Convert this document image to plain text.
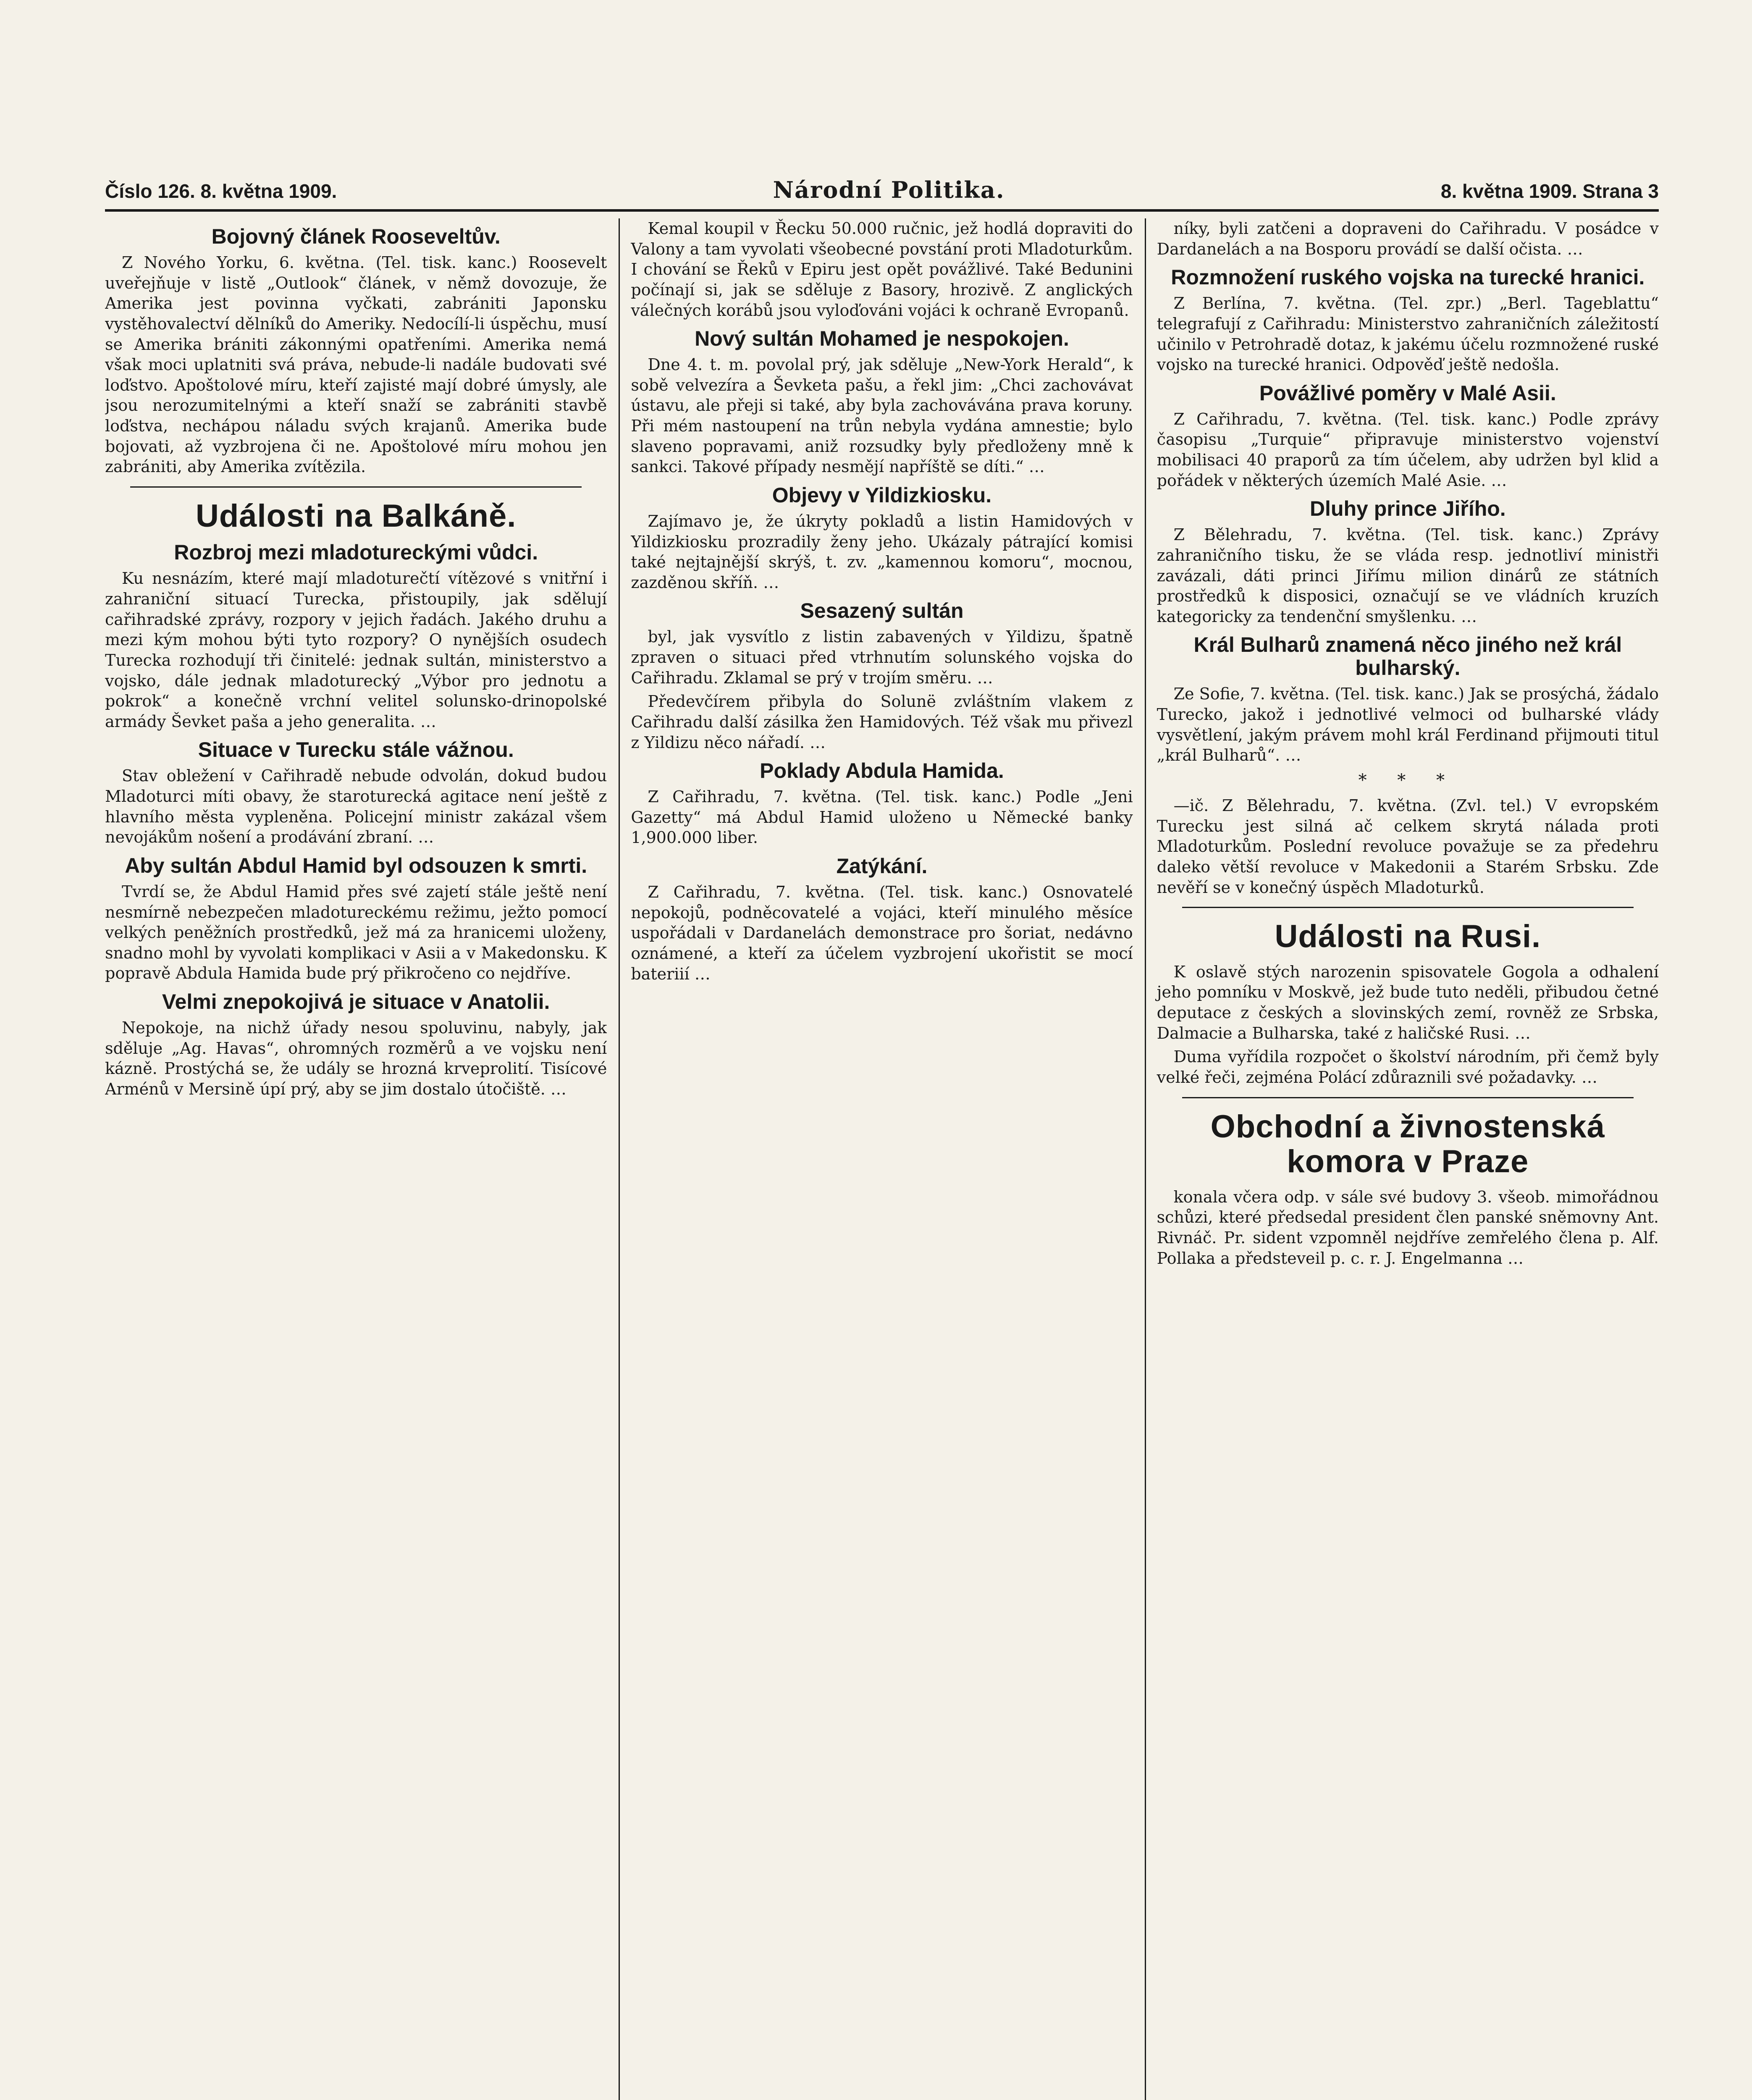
Číslo 126. 8. května 1909.	Národní Politika.	8. května 1909. Strana 3
Bojovný článek Rooseveltův.

Z Nového Yorku, 6. května. (Tel. tisk. kanc.) Roosevelt uveřejňuje v listě „Outlook“ článek, v němž dovozuje, že Amerika jest povinna vyčkati, zabrániti Japonsku vystěhovalectví dělníků do Ameriky. Nedocílí-li úspěchu, musí se Amerika brániti zákonnými opatřeními. Amerika nemá však moci uplatniti svá práva, nebude-li nadále budovati své loďstvo. Apoštolové míru, kteří zajisté mají dobré úmysly, ale jsou nerozumitelnými a kteří snaží se zabrániti stavbě loďstva, nechápou náladu svých krajanů. Amerika bude bojovati, až vyzbrojena či ne. Apoštolové míru mohou jen zabrániti, aby Amerika zvítězila.

Události na Balkáně.
Rozbroj mezi mladotureckými vůdci.

Ku nesnázím, které mají mladoturečtí vítězové s vnitřní i zahraniční situací Turecka, přistoupily, jak sdělují cařihradské zprávy, rozpory v jejich řadách. Jakého druhu a mezi kým mohou býti tyto rozpory? O nynějších osudech Turecka rozhodují tři činitelé: jednak sultán, ministerstvo a vojsko, dále jednak mladoturecký „Výbor pro jednotu a pokrok“ a konečně vrchní velitel solunsko-drinopolské armády Ševket paša a jeho generalita. …

Situace v Turecku stále vážnou.

Stav obležení v Cařihradě nebude odvolán, dokud budou Mladoturci míti obavy, že staroturecká agitace není ještě z hlavního města vypleněna. Policejní ministr zakázal všem nevojákům nošení a prodávání zbraní. …

Aby sultán Abdul Hamid byl odsouzen k smrti.

Tvrdí se, že Abdul Hamid přes své zajetí stále ještě není nesmírně nebezpečen mladotureckému režimu, ježto pomocí velkých peněžních prostředků, jež má za hranicemi uloženy, snadno mohl by vyvolati komplikaci v Asii a v Makedonsku. K popravě Abdula Hamida bude prý přikročeno co nejdříve.

Velmi znepokojivá je situace v Anatolii.

Nepokoje, na nichž úřady nesou spoluvinu, nabyly, jak sděluje „Ag. Havas“, ohromných rozměrů a ve vojsku není kázně. Prostýchá se, že udály se hrozná krveprolití. Tisícové Arménů v Mersině úpí prý, aby se jim dostalo útočiště. …

Kemal koupil v Řecku 50.000 ručnic, jež hodlá dopraviti do Valony a tam vyvolati všeobecné povstání proti Mladoturkům. I chování se Řeků v Epiru jest opět povážlivé. Také Bedunini počínají si, jak se sděluje z Basory, hrozivě. Z anglických válečných korábů jsou vyloďováni vojáci k ochraně Evropanů.

Nový sultán Mohamed je nespokojen.

Dne 4. t. m. povolal prý, jak sděluje „New-York Herald“, k sobě velvezíra a Ševketa pašu, a řekl jim: „Chci zachovávat ústavu, ale přeji si také, aby byla zachovávána prava koruny. Při mém nastoupení na trůn nebyla vydána amnestie; bylo slaveno popravami, aniž rozsudky byly předloženy mně k sankci. Takové případy nesmějí napříště se díti.“ …

Objevy v Yildizkiosku.

Zajímavo je, že úkryty pokladů a listin Hamidových v Yildizkiosku prozradily ženy jeho. Ukázaly pátrající komisi také nejtajnější skrýš, t. zv. „kamennou komoru“, mocnou, zazděnou skříň. …

Sesazený sultán

byl, jak vysvítlo z listin zabavených v Yildizu, špatně zpraven o situaci před vtrhnutím solunského vojska do Cařihradu. Zklamal se prý v trojím směru. …

Předevčírem přibyla do Solunë zvláštním vlakem z Cařihradu další zásilka žen Hamidových. Též však mu přivezl z Yildizu něco nářadí. …

Poklady Abdula Hamida.

Z Cařihradu, 7. května. (Tel. tisk. kanc.) Podle „Jeni Gazetty“ má Abdul Hamid uloženo u Německé banky 1,900.000 liber.

Zatýkání.

Z Cařihradu, 7. května. (Tel. tisk. kanc.) Osnovatelé nepokojů, podněcovatelé a vojáci, kteří minulého měsíce uspořádali v Dardanelách demonstrace pro šoriat, nedávno oznámené, a kteří za účelem vyzbrojení ukořistit se mocí bateriií …

níky, byli zatčeni a dopraveni do Cařihradu. V posádce v Dardanelách a na Bosporu provádí se další očista. …

Rozmnožení ruského vojska na turecké hranici.

Z Berlína, 7. května. (Tel. zpr.) „Berl. Tageblattu“ telegrafují z Cařihradu: Ministerstvo zahraničních záležitostí učinilo v Petrohradě dotaz, k jakému účelu rozmnožené ruské vojsko na turecké hranici. Odpověď ještě nedošla.

Povážlivé poměry v Malé Asii.

Z Cařihradu, 7. května. (Tel. tisk. kanc.) Podle zprávy časopisu „Turquie“ připravuje ministerstvo vojenství mobilisaci 40 praporů za tím účelem, aby udržen byl klid a pořádek v některých územích Malé Asie. …

Dluhy prince Jiřího.

Z Bělehradu, 7. května. (Tel. tisk. kanc.) Zprávy zahraničního tisku, že se vláda resp. jednotliví ministři zavázali, dáti princi Jiřímu milion dinárů ze státních prostředků k disposici, označují se ve vládních kruzích kategoricky za tendenční smyšlenku. …

Král Bulharů znamená něco jiného než král bulharský.

Ze Sofie, 7. května. (Tel. tisk. kanc.) Jak se prosýchá, žádalo Turecko, jakož i jednotlivé velmoci od bulharské vlády vysvětlení, jakým právem mohl král Ferdinand přijmouti titul „král Bulharů“. …

* * *

—ič. Z Bělehradu, 7. května. (Zvl. tel.) V evropském Turecku jest silná ač celkem skrytá nálada proti Mladoturkům. Poslední revoluce považuje se za předehru daleko větší revoluce v Makedonii a Starém Srbsku. Zde nevěří se v konečný úspěch Mladoturků.

Události na Rusi.

K oslavě stých narozenin spisovatele Gogola a odhalení jeho pomníku v Moskvě, jež bude tuto neděli, přibudou četné deputace z českých a slovinských zemí, rovněž ze Srbska, Dalmacie a Bulharska, také z haličské Rusi. …

Duma vyřídila rozpočet o školství národním, při čemž byly velké řeči, zejména Polácí zdůraznili své požadavky. …

Obchodní a živnostenská komora v Praze

konala včera odp. v sále své budovy 3. všeob. mimořádnou schůzi, které předsedal president člen panské sněmovny Ant. Rivnáč. Pr. sident vzpomněl nejdříve zemřelého člena p. Alf. Pollaka a předsteveil p. c. r. J. Engelmanna …
